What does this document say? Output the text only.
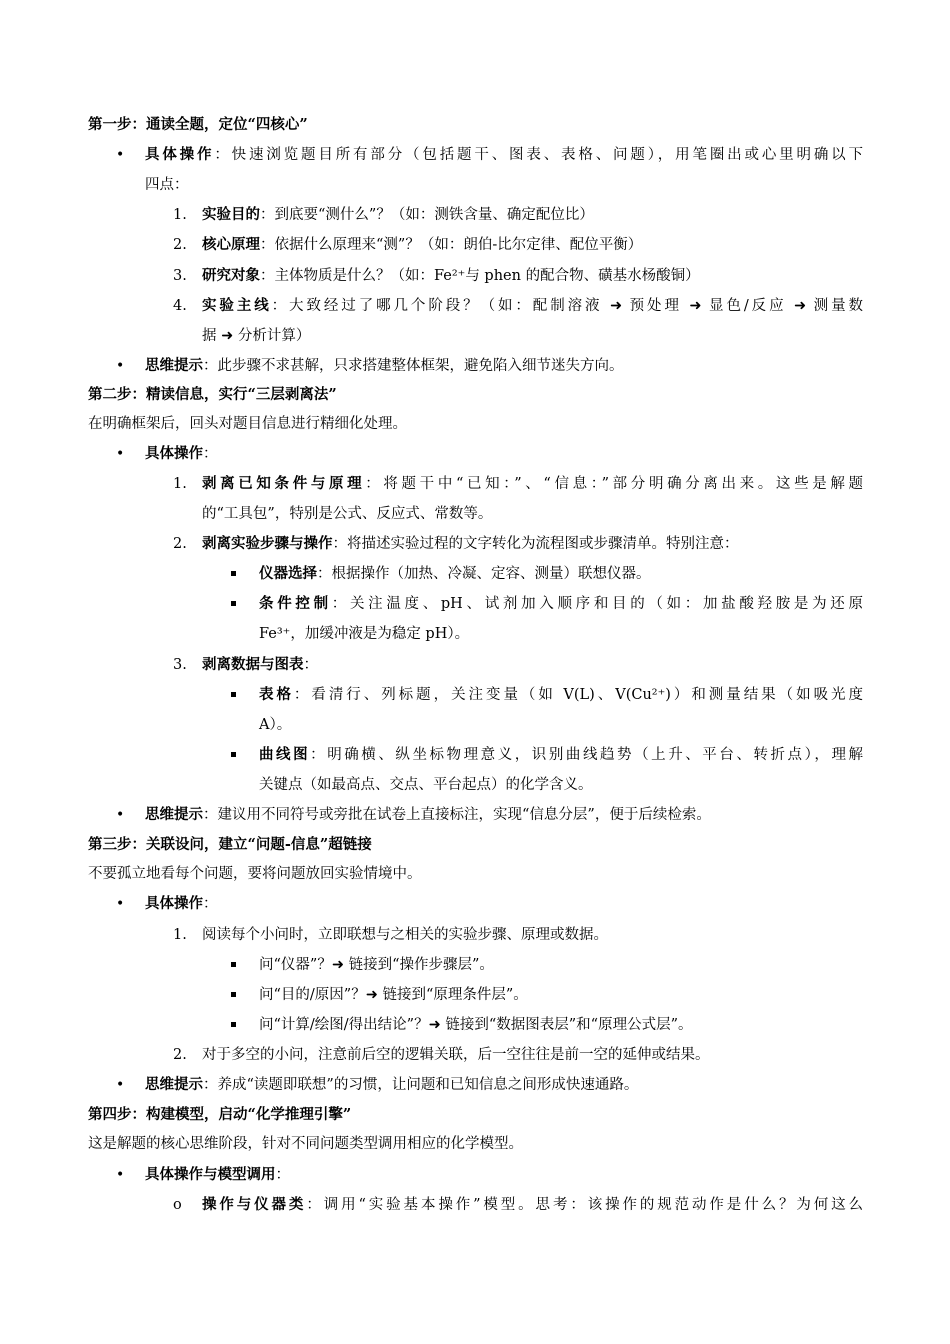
第一步：通读全题，定位“四核心”
• 具体操作：快速浏览题目所有部分（包括题干、图表、表格、问题），用笔圈出或心里明确以下
四点：
1. 实验目的：到底要“测什么”？（如：测铁含量、确定配位比）
2. 核心原理：依据什么原理来“测”？（如：朗伯-比尔定律、配位平衡）
3. 研究对象：主体物质是什么？（如：Fe²⁺与 phen 的配合物、磺基水杨酸铜）
4. 实验主线：大致经过了哪几个阶段？（如：配制溶液 ➜ 预处理 ➜ 显色/反应 ➜ 测量数
据 ➜ 分析计算）
• 思维提示：此步骤不求甚解，只求搭建整体框架，避免陷入细节迷失方向。
第二步：精读信息，实行“三层剥离法”
在明确框架后，回头对题目信息进行精细化处理。
• 具体操作：
1. 剥离已知条件与原理：将题干中“已知：”、“信息：”部分明确分离出来。这些是解题
的“工具包”，特别是公式、反应式、常数等。
2. 剥离实验步骤与操作：将描述实验过程的文字转化为流程图或步骤清单。特别注意：
仪器选择：根据操作（加热、冷凝、定容、测量）联想仪器。
条件控制：关注温度、pH、试剂加入顺序和目的（如：加盐酸羟胺是为还原
Fe³⁺，加缓冲液是为稳定 pH）。
3. 剥离数据与图表：
表格：看清行、列标题，关注变量（如 V(L)、V(Cu²⁺)）和测量结果（如吸光度
A）。
曲线图：明确横、纵坐标物理意义，识别曲线趋势（上升、平台、转折点），理解
关键点（如最高点、交点、平台起点）的化学含义。
• 思维提示：建议用不同符号或旁批在试卷上直接标注，实现“信息分层”，便于后续检索。
第三步：关联设问，建立“问题-信息”超链接
不要孤立地看每个问题，要将问题放回实验情境中。
• 具体操作：
1. 阅读每个小问时，立即联想与之相关的实验步骤、原理或数据。
问“仪器”？➜ 链接到“操作步骤层”。
问“目的/原因”？➜ 链接到“原理条件层”。
问“计算/绘图/得出结论”？➜ 链接到“数据图表层”和“原理公式层”。
2. 对于多空的小问，注意前后空的逻辑关联，后一空往往是前一空的延伸或结果。
• 思维提示：养成“读题即联想”的习惯，让问题和已知信息之间形成快速通路。
第四步：构建模型，启动“化学推理引擎”
这是解题的核心思维阶段，针对不同问题类型调用相应的化学模型。
• 具体操作与模型调用：
o 操作与仪器类：调用“实验基本操作”模型。思考：该操作的规范动作是什么？为何这么
